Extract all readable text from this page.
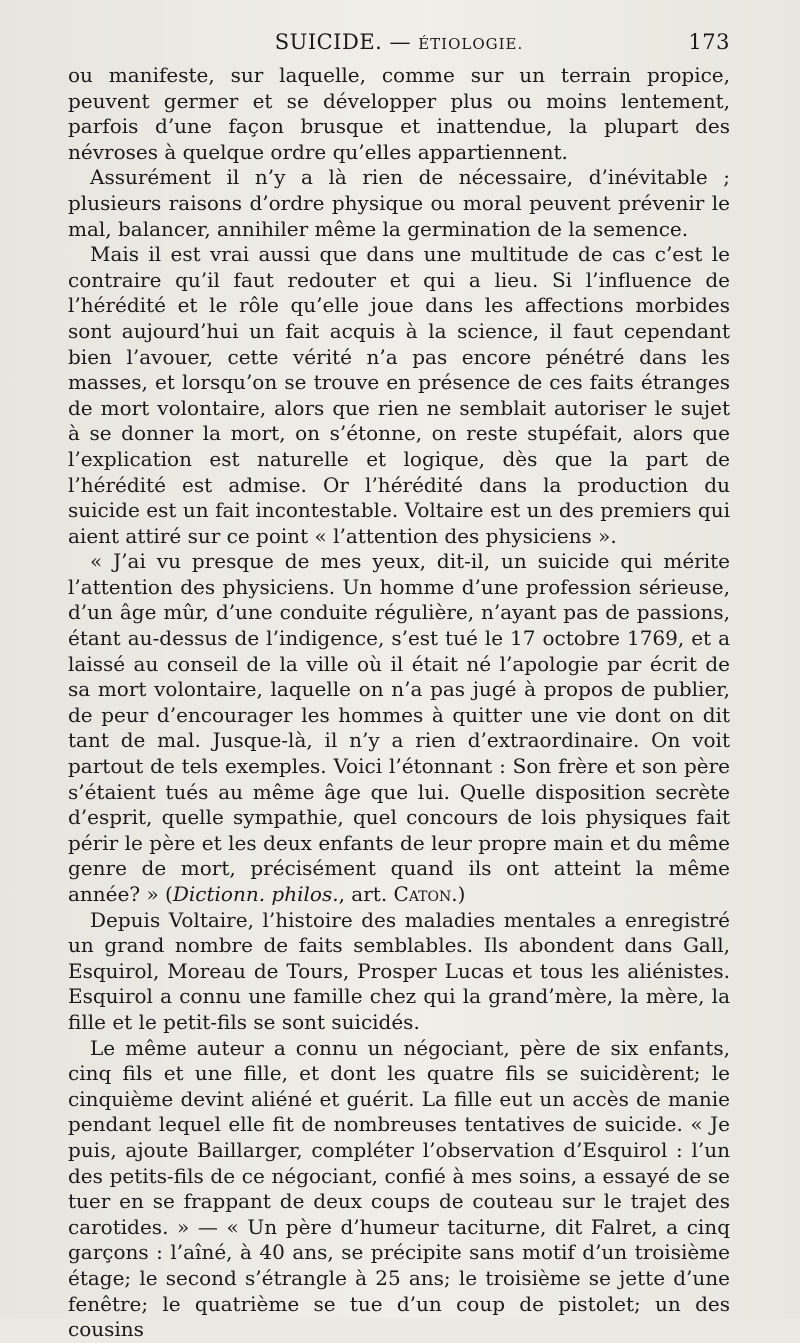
SUICIDE. — ÉTIOLOGIE.	173

ou manifeste, sur laquelle, comme sur un terrain propice, peuvent germer et se développer plus ou moins lentement, parfois d’une façon brusque et inattendue, la plupart des névroses à quelque ordre qu’elles appartiennent.

Assurément il n’y a là rien de nécessaire, d’inévitable ; plusieurs raisons d’ordre physique ou moral peuvent prévenir le mal, balancer, annihiler même la germination de la semence.

Mais il est vrai aussi que dans une multitude de cas c’est le contraire qu’il faut redouter et qui a lieu. Si l’influence de l’hérédité et le rôle qu’elle joue dans les affections morbides sont aujourd’hui un fait acquis à la science, il faut cependant bien l’avouer, cette vérité n’a pas encore pénétré dans les masses, et lorsqu’on se trouve en présence de ces faits étranges de mort volontaire, alors que rien ne semblait autoriser le sujet à se donner la mort, on s’étonne, on reste stupéfait, alors que l’explication est naturelle et logique, dès que la part de l’hérédité est admise. Or l’hérédité dans la production du suicide est un fait incontestable. Voltaire est un des premiers qui aient attiré sur ce point « l’attention des physiciens ».

« J’ai vu presque de mes yeux, dit-il, un suicide qui mérite l’attention des physiciens. Un homme d’une profession sérieuse, d’un âge mûr, d’une conduite régulière, n’ayant pas de passions, étant au-dessus de l’indigence, s’est tué le 17 octobre 1769, et a laissé au conseil de la ville où il était né l’apologie par écrit de sa mort volontaire, laquelle on n’a pas jugé à propos de publier, de peur d’encourager les hommes à quitter une vie dont on dit tant de mal. Jusque-là, il n’y a rien d’extraordinaire. On voit partout de tels exemples. Voici l’étonnant : Son frère et son père s’étaient tués au même âge que lui. Quelle disposition secrète d’esprit, quelle sympathie, quel concours de lois physiques fait périr le père et les deux enfants de leur propre main et du même genre de mort, précisément quand ils ont atteint la même année? » (Dictionn. philos., art. Caton.)

Depuis Voltaire, l’histoire des maladies mentales a enregistré un grand nombre de faits semblables. Ils abondent dans Gall, Esquirol, Moreau de Tours, Prosper Lucas et tous les aliénistes. Esquirol a connu une famille chez qui la grand’mère, la mère, la fille et le petit-fils se sont suicidés.

Le même auteur a connu un négociant, père de six enfants, cinq fils et une fille, et dont les quatre fils se suicidèrent; le cinquième devint aliéné et guérit. La fille eut un accès de manie pendant lequel elle fit de nombreuses tentatives de suicide. « Je puis, ajoute Baillarger, compléter l’observation d’Esquirol : l’un des petits-fils de ce négociant, confié à mes soins, a essayé de se tuer en se frappant de deux coups de couteau sur le trajet des carotides. » — « Un père d’humeur taciturne, dit Falret, a cinq garçons : l’aîné, à 40 ans, se précipite sans motif d’un troisième étage; le second s’étrangle à 25 ans; le troisième se jette d’une fenêtre; le quatrième se tue d’un coup de pistolet; un des cousins
